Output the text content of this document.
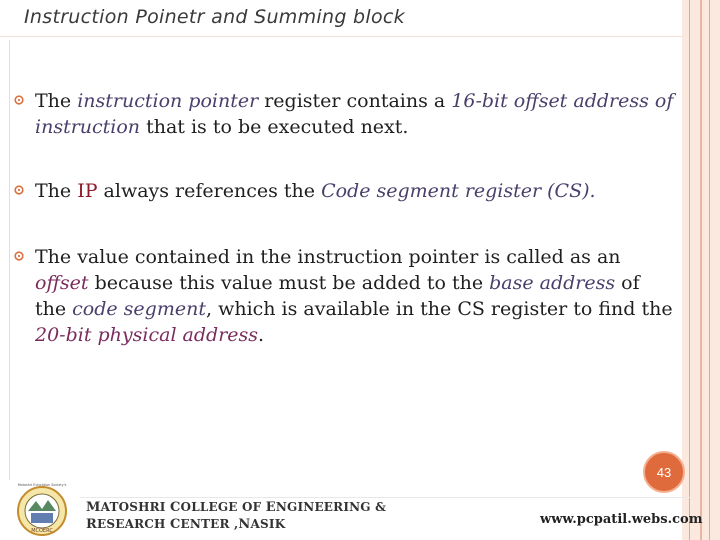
Instruction Poinetr and Summing block
The instruction pointer register contains a 16-bit offset address of instruction that is to be executed next.
The IP always references the Code segment register (CS).
The value contained in the instruction pointer is called as an offset because this value must be added to the base address of the code segment, which is available in the CS register to find the 20-bit physical address.
43
MCOERC
Matoshri Education Society's
MATOSHRI COLLEGE OF ENGINEERING &
RESEARCH CENTER ,NASIK	www.pcpatil.webs.com
